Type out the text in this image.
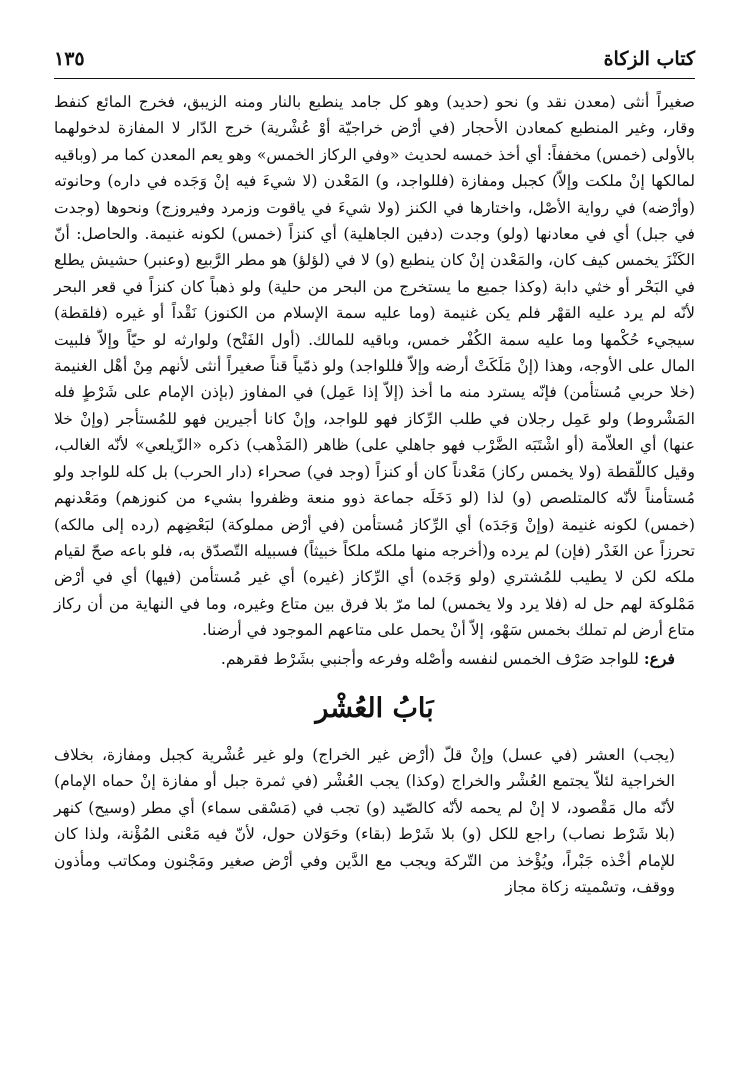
كتاب الزكاة
١٣٥

صغيراً أنثى (معدن نقد و) نحو (حديد) وهو كل جامد ينطبع بالنار ومنه الزيبق، فخرج المائع كنفط وقار، وغير المنطبع كمعادن الأحجار (في أرْض خراجيّة أوْ عُشْرية) خرج الدّار لا المفازة لدخولهما بالأولى (خمس) مخففاً: أي أخذ خمسه لحديث «وفي الركاز الخمس» وهو يعم المعدن كما مر (وباقيه لمالكها إنْ ملكت وإلاّ) كجبل ومفازة (فللواجد، و) المَعْدن (لا شيءَ فيه إنْ وَجَده في داره) وحانوته (وأرْضه) في رواية الأصْل، واختارها في الكنز (ولا شيءَ في ياقوت وزمرد وفيروزج) ونحوها (وجدت في جبل) أي في معادنها (ولو) وجدت (دفين الجاهلية) أي كنزاً (خمس) لكونه غنيمة. والحاصل: أنّ الكَنْزَ يخمس كيف كان، والمَعْدن إنْ كان ينطبع (و) لا في (لؤلؤ) هو مطر الرَّبيع (وعنبر) حشيش يطلع في البَحْر أو خثي دابة (وكذا جميع ما يستخرج من البحر من حلية) ولو ذهباً كان كنزاً في قعر البحر لأنّه لم يرد عليه القهْر فلم يكن غنيمة (وما عليه سمة الإسلام من الكنوز) نَقْداً أو غيره (فلقطة) سيجيء حُكْمها وما عليه سمة الكُفْر خمس، وباقيه للمالك. (أول الفَتْح) ولوارثه لو حيّاً وإلاّ فلبيت المال على الأوجه، وهذا (إنْ مَلَكَتْ أرضه وإلاّ فللواجد) ولو ذمّياً قناً صغيراً أنثى لأنهم مِنْ أهْل الغنيمة (خلا حربي مُستأمن) فإنّه يسترد منه ما أخذ (إلاّ إذا عَمِل) في المفاوز (بإذن الإمام على شَرْطٍ فله المَشْروط) ولو عَمِل رجلان في طلب الرِّكاز فهو للواجد، وإنْ كانا أجيرين فهو للمُستأجر (وإنْ خلا عنها) أي العلاّمة (أو اشْتَبَه الضَّرْب فهو جاهلي على) ظاهر (المَذْهب) ذكره «الزّيلعي» لأنّه الغالب، وقيل كاللّقطة (ولا يخمس ركاز) مَعْدناً كان أو كنزاً (وجد في) صحراء (دار الحرب) بل كله للواجد ولو مُستأمناً لأنّه كالمتلصص (و) لذا (لو دَخَلَه جماعة ذوو منعة وظفروا بشيء من كنوزهم) ومَعْدنهم (خمس) لكونه غنيمة (وإنْ وَجَدَه) أي الرِّكاز مُستأمن (في أرْض مملوكة) لبَعْضِهم (رده إلى مالكه) تحرزاً عن الغَدْر (فإن) لم يرده و(أخرجه منها ملكه ملكاً خبيثاً) فسبيله التّصدّق به، فلو باعه صحّ لقيام ملكه لكن لا يطيب للمُشتري (ولو وَجَده) أي الرِّكاز (غيره) أي غير مُستأمن (فيها) أي في أرْض مَمْلوكة لهم حل له (فلا يرد ولا يخمس) لما مرّ بلا فرق بين متاع وغيره، وما في النهاية من أن ركاز متاع أرض لم تملك بخمس سَهْو، إلاّ أنْ يحمل على متاعهم الموجود في أرضنا.

فرع: للواجد صَرْف الخمس لنفسه وأصْله وفرعه وأجنبي بشَرْط فقرهم.

بَابُ العُشْر

(يجب) العشر (في عسل) وإنْ قلّ (أرْض غير الخراج) ولو غير عُشْرية كجبل ومفازة، بخلاف الخراجية لئلاّ يجتمع العُشْر والخراج (وكذا) يجب العُشْر (في ثمرة جبل أو مفازة إنْ حماه الإمام) لأنّه مال مَقْصود، لا إنْ لم يحمه لأنّه كالصّيد (و) تجب في (مَسْقى سماء) أي مطر (وسيح) كنهر (بلا شَرْط نصاب) راجع للكل (و) بلا شَرْط (بقاء) وحَوَلان حول، لأنّ فيه مَعْنى المُؤْنة، ولذا كان للإمام أخْذه جَبْراً، ويُؤْخذ من التّركة ويجب مع الدَّين وفي أرْض صغير ومَجْنون ومكاتب ومأذون ووقف، وتسْميته زكاة مجاز
